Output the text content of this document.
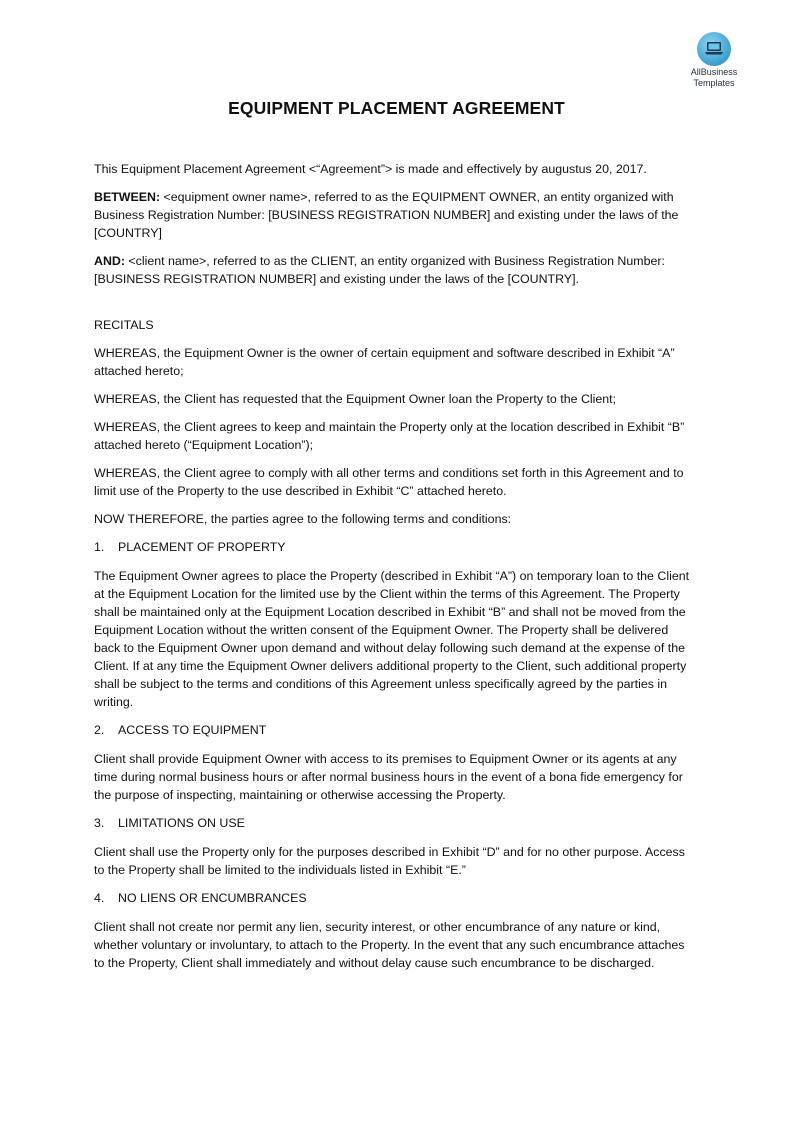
AllBusiness
Templates
EQUIPMENT PLACEMENT AGREEMENT

This Equipment Placement Agreement <“Agreement”> is made and effectively by augustus 20, 2017.

BETWEEN: <equipment owner name>, referred to as the EQUIPMENT OWNER, an entity organized with Business Registration Number: [BUSINESS REGISTRATION NUMBER] and existing under the laws of the [COUNTRY]

AND: <client name>, referred to as the CLIENT, an entity organized with Business Registration Number: [BUSINESS REGISTRATION NUMBER] and existing under the laws of the [COUNTRY].

RECITALS

WHEREAS, the Equipment Owner is the owner of certain equipment and software described in Exhibit “A” attached hereto;

WHEREAS, the Client has requested that the Equipment Owner loan the Property to the Client;

WHEREAS, the Client agrees to keep and maintain the Property only at the location described in Exhibit “B” attached hereto (“Equipment Location”);

WHEREAS, the Client agree to comply with all other terms and conditions set forth in this Agreement and to limit use of the Property to the use described in Exhibit “C” attached hereto.

NOW THEREFORE, the parties agree to the following terms and conditions:

1.	PLACEMENT OF PROPERTY

The Equipment Owner agrees to place the Property (described in Exhibit “A”) on temporary loan to the Client at the Equipment Location for the limited use by the Client within the terms of this Agreement. The Property shall be maintained only at the Equipment Location described in Exhibit “B” and shall not be moved from the Equipment Location without the written consent of the Equipment Owner. The Property shall be delivered back to the Equipment Owner upon demand and without delay following such demand at the expense of the Client. If at any time the Equipment Owner delivers additional property to the Client, such additional property shall be subject to the terms and conditions of this Agreement unless specifically agreed by the parties in writing.

2.	ACCESS TO EQUIPMENT

Client shall provide Equipment Owner with access to its premises to Equipment Owner or its agents at any time during normal business hours or after normal business hours in the event of a bona fide emergency for the purpose of inspecting, maintaining or otherwise accessing the Property.

3.	LIMITATIONS ON USE

Client shall use the Property only for the purposes described in Exhibit “D” and for no other purpose. Access to the Property shall be limited to the individuals listed in Exhibit “E.”

4.	NO LIENS OR ENCUMBRANCES

Client shall not create nor permit any lien, security interest, or other encumbrance of any nature or kind, whether voluntary or involuntary, to attach to the Property. In the event that any such encumbrance attaches to the Property, Client shall immediately and without delay cause such encumbrance to be discharged.
